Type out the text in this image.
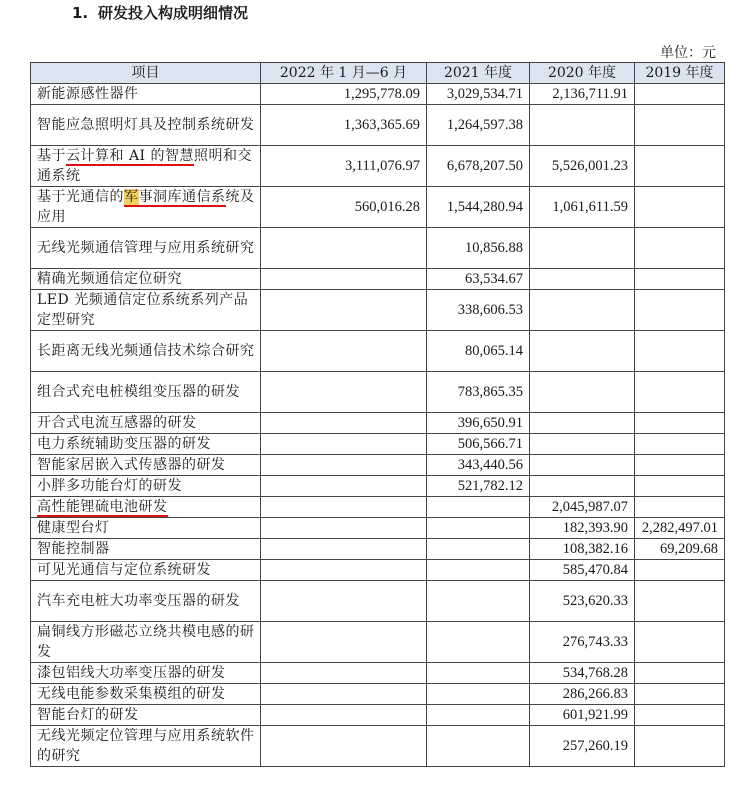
1. 研发投入构成明细情况
单位：元
项目	2022 年 1 月—6 月	2021 年度	2020 年度	2019 年度
新能源感性器件	1,295,778.09	3,029,534.71	2,136,711.91	
智能应急照明灯具及控制系统研发	1,363,365.69	1,264,597.38		
基于云计算和 AI 的智慧照明和交通系统	3,111,076.97	6,678,207.50	5,526,001.23	
基于光通信的军事洞库通信系统及应用	560,016.28	1,544,280.94	1,061,611.59	
无线光频通信管理与应用系统研究		10,856.88		
精确光频通信定位研究		63,534.67		
LED 光频通信定位系统系列产品定型研究		338,606.53		
长距离无线光频通信技术综合研究		80,065.14		
组合式充电桩模组变压器的研发		783,865.35		
开合式电流互感器的研发		396,650.91		
电力系统辅助变压器的研发		506,566.71		
智能家居嵌入式传感器的研发		343,440.56		
小胖多功能台灯的研发		521,782.12		
高性能锂硫电池研发			2,045,987.07	
健康型台灯			182,393.90	2,282,497.01
智能控制器			108,382.16	69,209.68
可见光通信与定位系统研发			585,470.84	
汽车充电桩大功率变压器的研发			523,620.33	
扁铜线方形磁芯立绕共模电感的研发			276,743.33	
漆包铝线大功率变压器的研发			534,768.28	
无线电能参数采集模组的研发			286,266.83	
智能台灯的研发			601,921.99	
无线光频定位管理与应用系统软件的研究			257,260.19	
